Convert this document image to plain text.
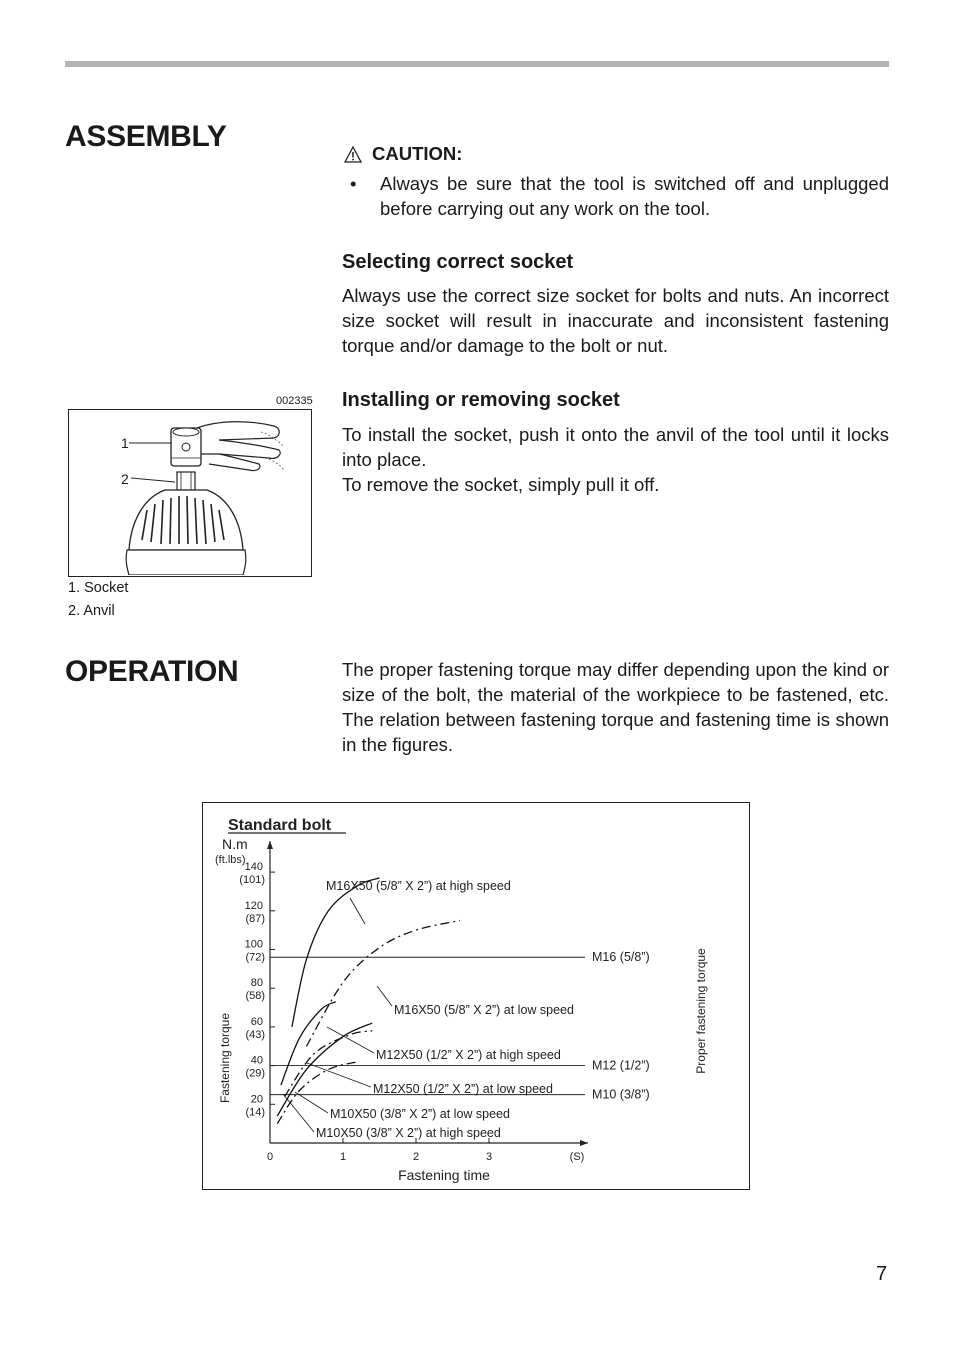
ASSEMBLY
CAUTION:
•	Always be sure that the tool is switched off and unplugged before carrying out any work on the tool.
Selecting correct socket

Always use the correct size socket for bolts and nuts. An incorrect size socket will result in inaccurate and inconsistent fastening torque and/or damage to the bolt or nut.

Installing or removing socket

To install the socket, push it onto the anvil of the tool until it locks into place.

To remove the socket, simply pull it off.

002335
1
2
1. Socket
2. Anvil
OPERATION	The proper fastening torque may differ depending upon the kind or size of the bolt, the material of the workpiece to be fastened, etc. The relation between fastening torque and fastening time is shown in the figures.

Standard bolt
N.m
(ft.lbs)
Fastening torque
Fastening time
(S)
Proper fastening torque
0	1	2	3
20
(14)
40
(29)
60
(43)
80
(58)
100
(72)
120
(87)
140
(101)
M16 (5/8”)
M12 (1/2”)
M10 (3/8”)
M16X50 (5/8” X 2”) at high speed
M16X50 (5/8” X 2”) at low speed
M12X50 (1/2” X 2”) at high speed
M12X50 (1/2” X 2”) at low speed
M10X50 (3/8” X 2”) at low speed
M10X50 (3/8” X 2”) at high speed
7
